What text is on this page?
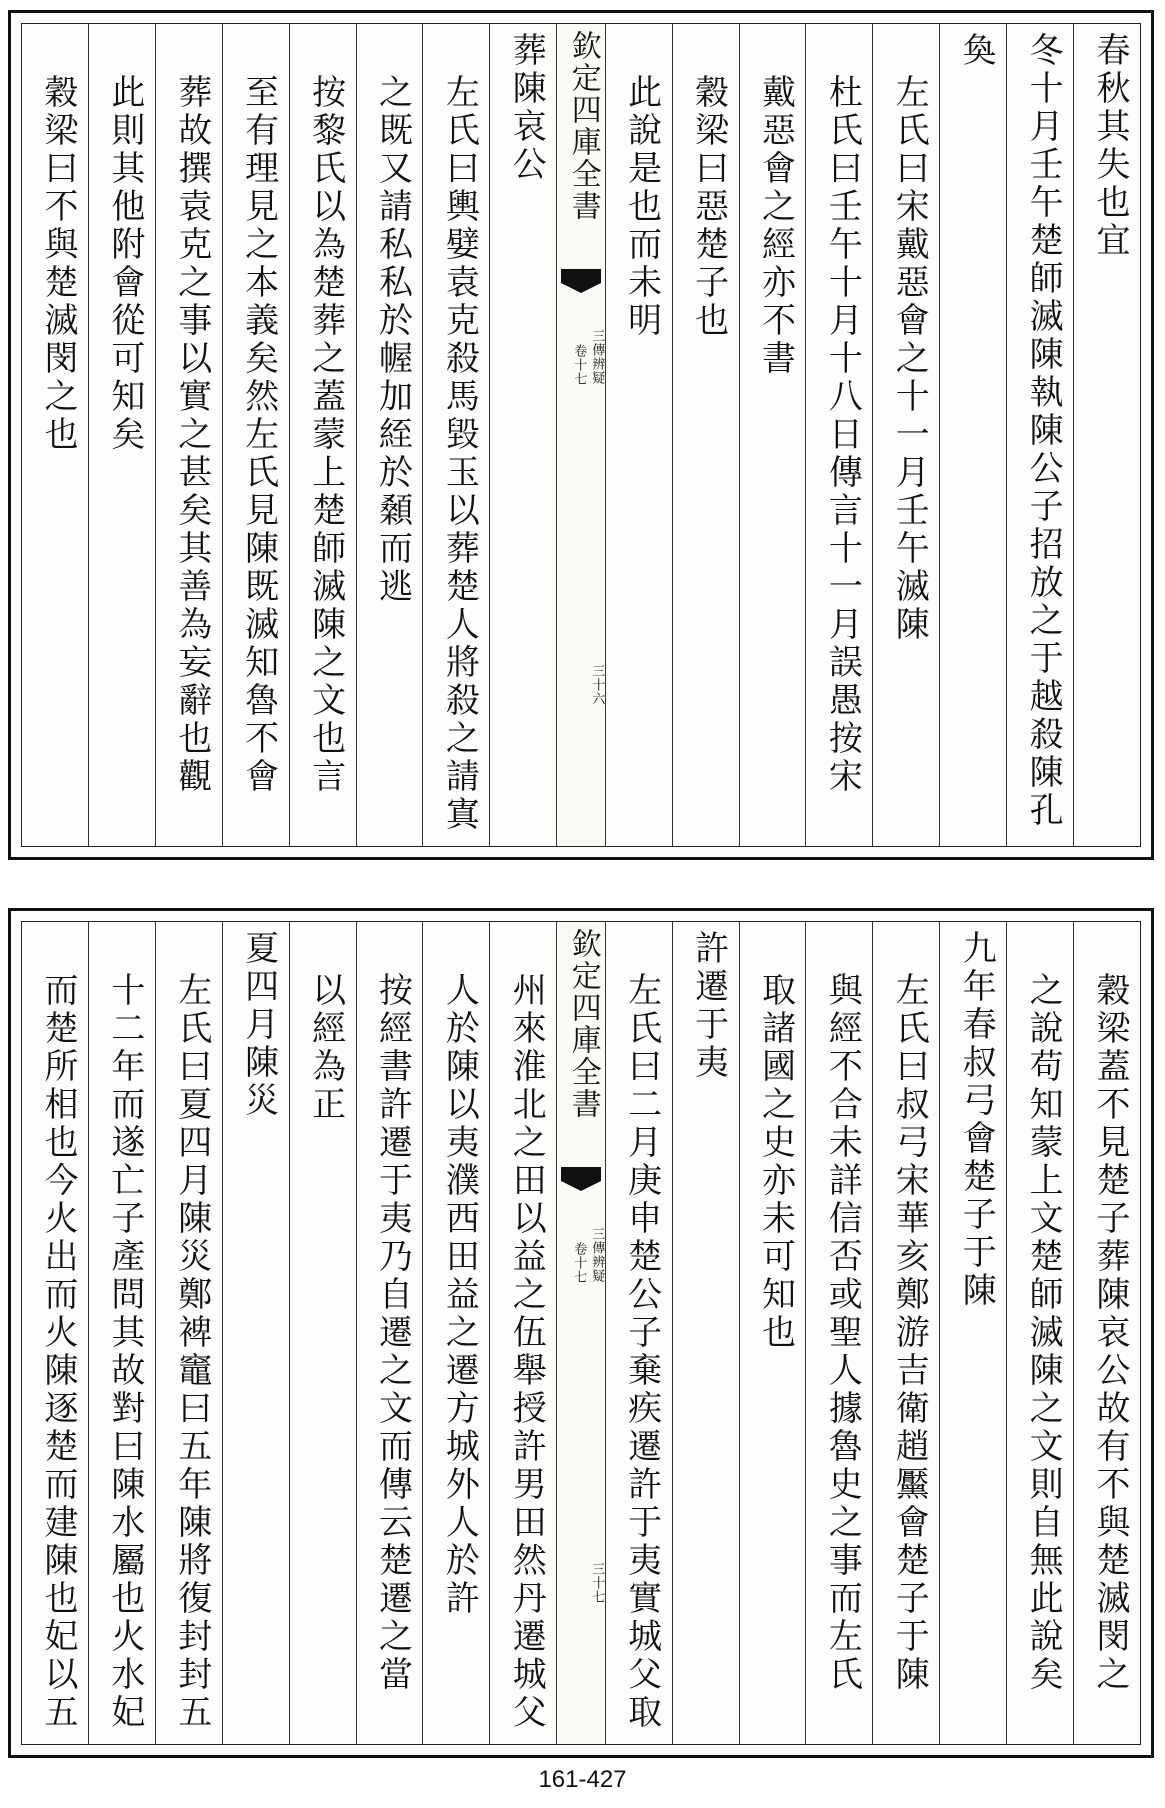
春秋其失也宜
冬十月壬午楚師滅陳執陳公子招放之于越殺陳孔
奐
左氏曰宋戴惡會之十一月壬午滅陳
杜氏曰壬午十月十八日傳言十一月誤愚按宋
戴惡會之經亦不書
穀梁曰惡楚子也
此說是也而未明
欽定四庫全書
三傳辨疑
卷十七
三十六
葬陳哀公
左氏曰輿嬖袁克殺馬毀玉以葬楚人將殺之請寘
之既又請私私於幄加絰於顙而逃
按黎氏以為楚葬之蓋蒙上楚師滅陳之文也言
至有理見之本義矣然左氏見陳既滅知魯不會
葬故撰袁克之事以實之甚矣其善為妄辭也觀
此則其他附會從可知矣
穀梁曰不與楚滅閔之也
穀梁蓋不見楚子葬陳哀公故有不與楚滅閔之
之說苟知蒙上文楚師滅陳之文則自無此說矣
九年春叔弓會楚子于陳
左氏曰叔弓宋華亥鄭游吉衛趙黶會楚子于陳
與經不合未詳信否或聖人據魯史之事而左氏
取諸國之史亦未可知也
許遷于夷
左氏曰二月庚申楚公子棄疾遷許于夷實城父取
欽定四庫全書
三傳辨疑
卷十七
三十七
州來淮北之田以益之伍舉授許男田然丹遷城父
人於陳以夷濮西田益之遷方城外人於許
按經書許遷于夷乃自遷之文而傳云楚遷之當
以經為正
夏四月陳災
左氏曰夏四月陳災鄭裨竈曰五年陳將復封封五
十二年而遂亡子產問其故對曰陳水屬也火水妃
而楚所相也今火出而火陳逐楚而建陳也妃以五
161-427
